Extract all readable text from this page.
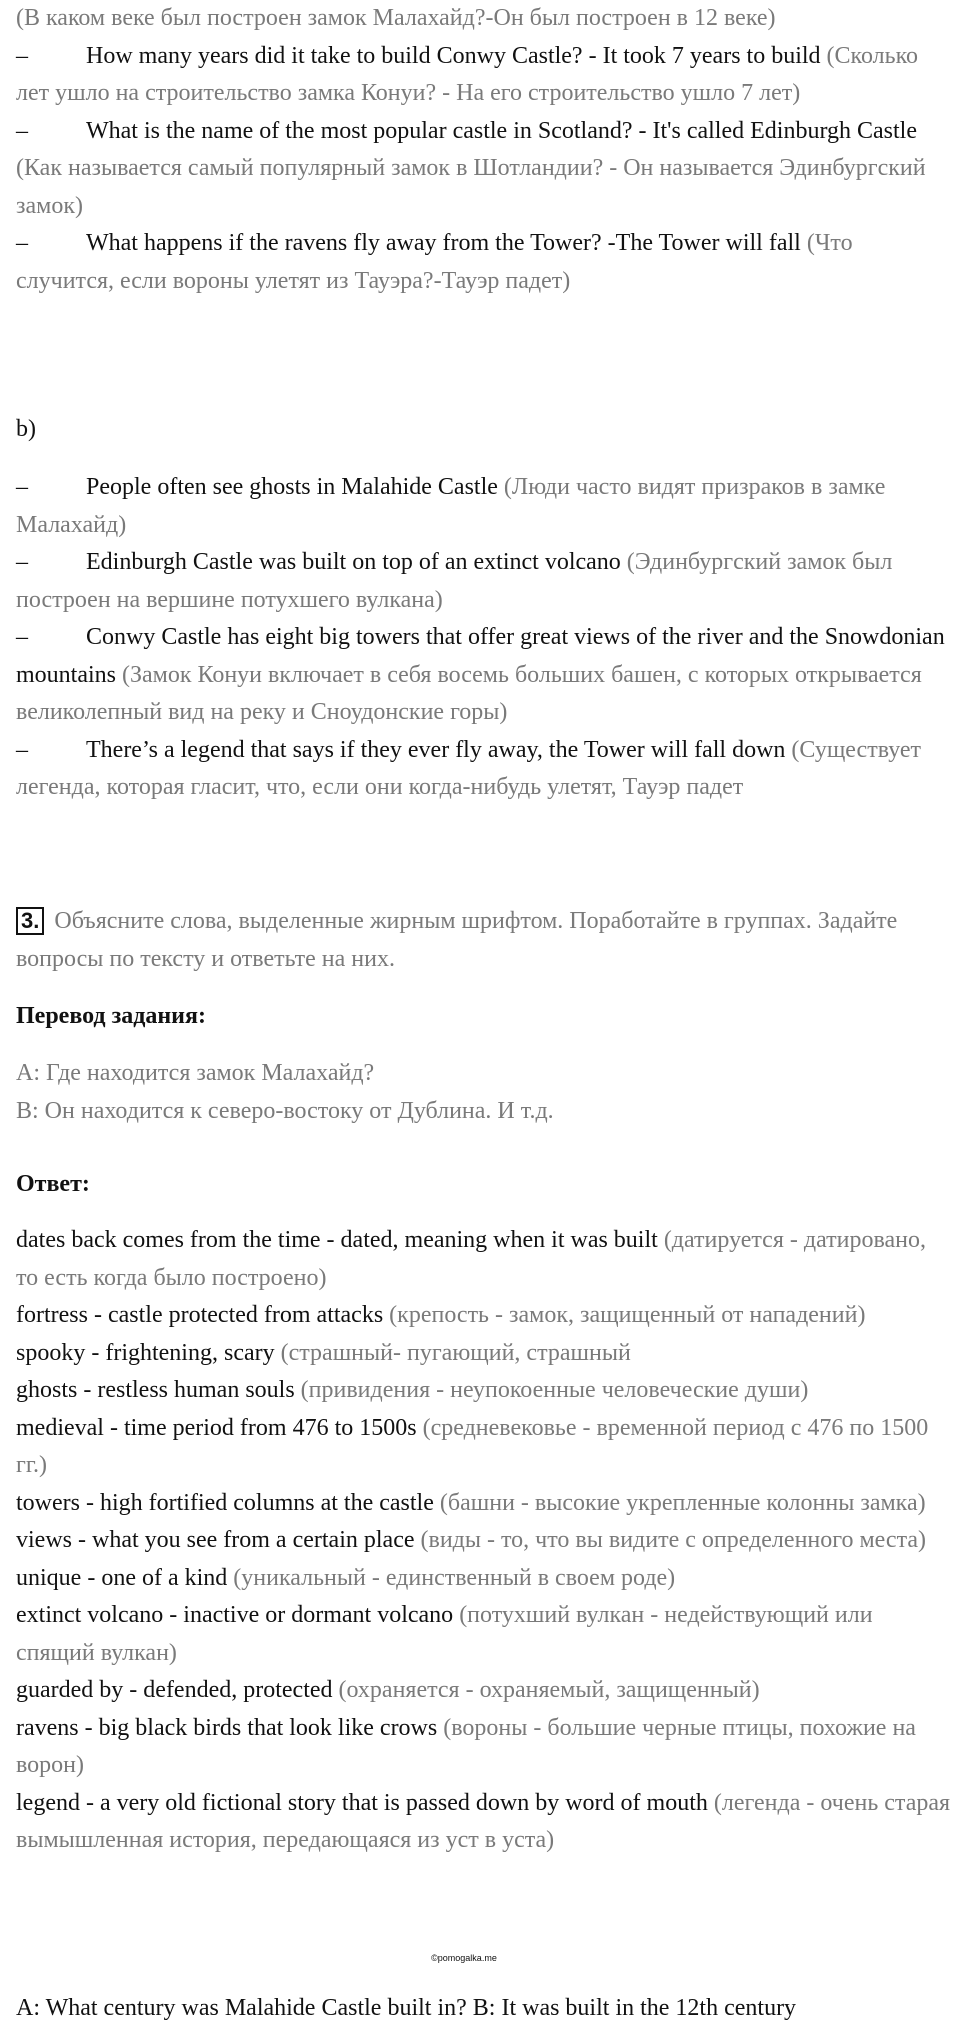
(В каком веке был построен замок Малахайд?-Он был построен в 12 веке)

– How many years did it take to build Conwy Castle? - It took 7 years to build (Сколько лет ушло на строительство замка Конуи? - На его строительство ушло 7 лет)

– What is the name of the most popular castle in Scotland? - It's called Edinburgh Castle (Как называется самый популярный замок в Шотландии? - Он называется Эдинбургский замок)

– What happens if the ravens fly away from the Tower? -The Tower will fall (Что случится, если вороны улетят из Тауэра?-Тауэр падет)

b)

– People often see ghosts in Malahide Castle (Люди часто видят призраков в замке Малахайд)

– Edinburgh Castle was built on top of an extinct volcano (Эдинбургский замок был построен на вершине потухшего вулкана)

– Conwy Castle has eight big towers that offer great views of the river and the Snowdonian mountains (Замок Конуи включает в себя восемь больших башен, с которых открывается великолепный вид на реку и Сноудонские горы)

– There’s a legend that says if they ever fly away, the Tower will fall down (Существует легенда, которая гласит, что, если они когда-нибудь улетят, Тауэр падет

3. Объясните слова, выделенные жирным шрифтом. Поработайте в группах. Задайте вопросы по тексту и ответьте на них.

Перевод задания:

А: Где находится замок Малахайд?

В: Он находится к северо-востоку от Дублина. И т.д.

Ответ:

dates back comes from the time - dated, meaning when it was built (датируется - датировано, то есть когда было построено)

fortress - castle protected from attacks (крепость - замок, защищенный от нападений)

spooky - frightening, scary (страшный- пугающий, страшный

ghosts - restless human souls (привидения - неупокоенные человеческие души)

medieval - time period from 476 to 1500s (средневековье - временной период с 476 по 1500 гг.)

towers - high fortified columns at the castle (башни - высокие укрепленные колонны замка)

views - what you see from a certain place (виды - то, что вы видите с определенного места)

unique - one of a kind (уникальный - единственный в своем роде)

extinct volcano - inactive or dormant volcano (потухший вулкан - недействующий или спящий вулкан)

guarded by - defended, protected (охраняется - охраняемый, защищенный)

ravens - big black birds that look like crows (вороны - большие черные птицы, похожие на ворон)

legend - a very old fictional story that is passed down by word of mouth (легенда - очень старая вымышленная история, передающаяся из уст в уста)

A: What century was Malahide Castle built in? B: It was built in the 12th century

©pomogalka.me
